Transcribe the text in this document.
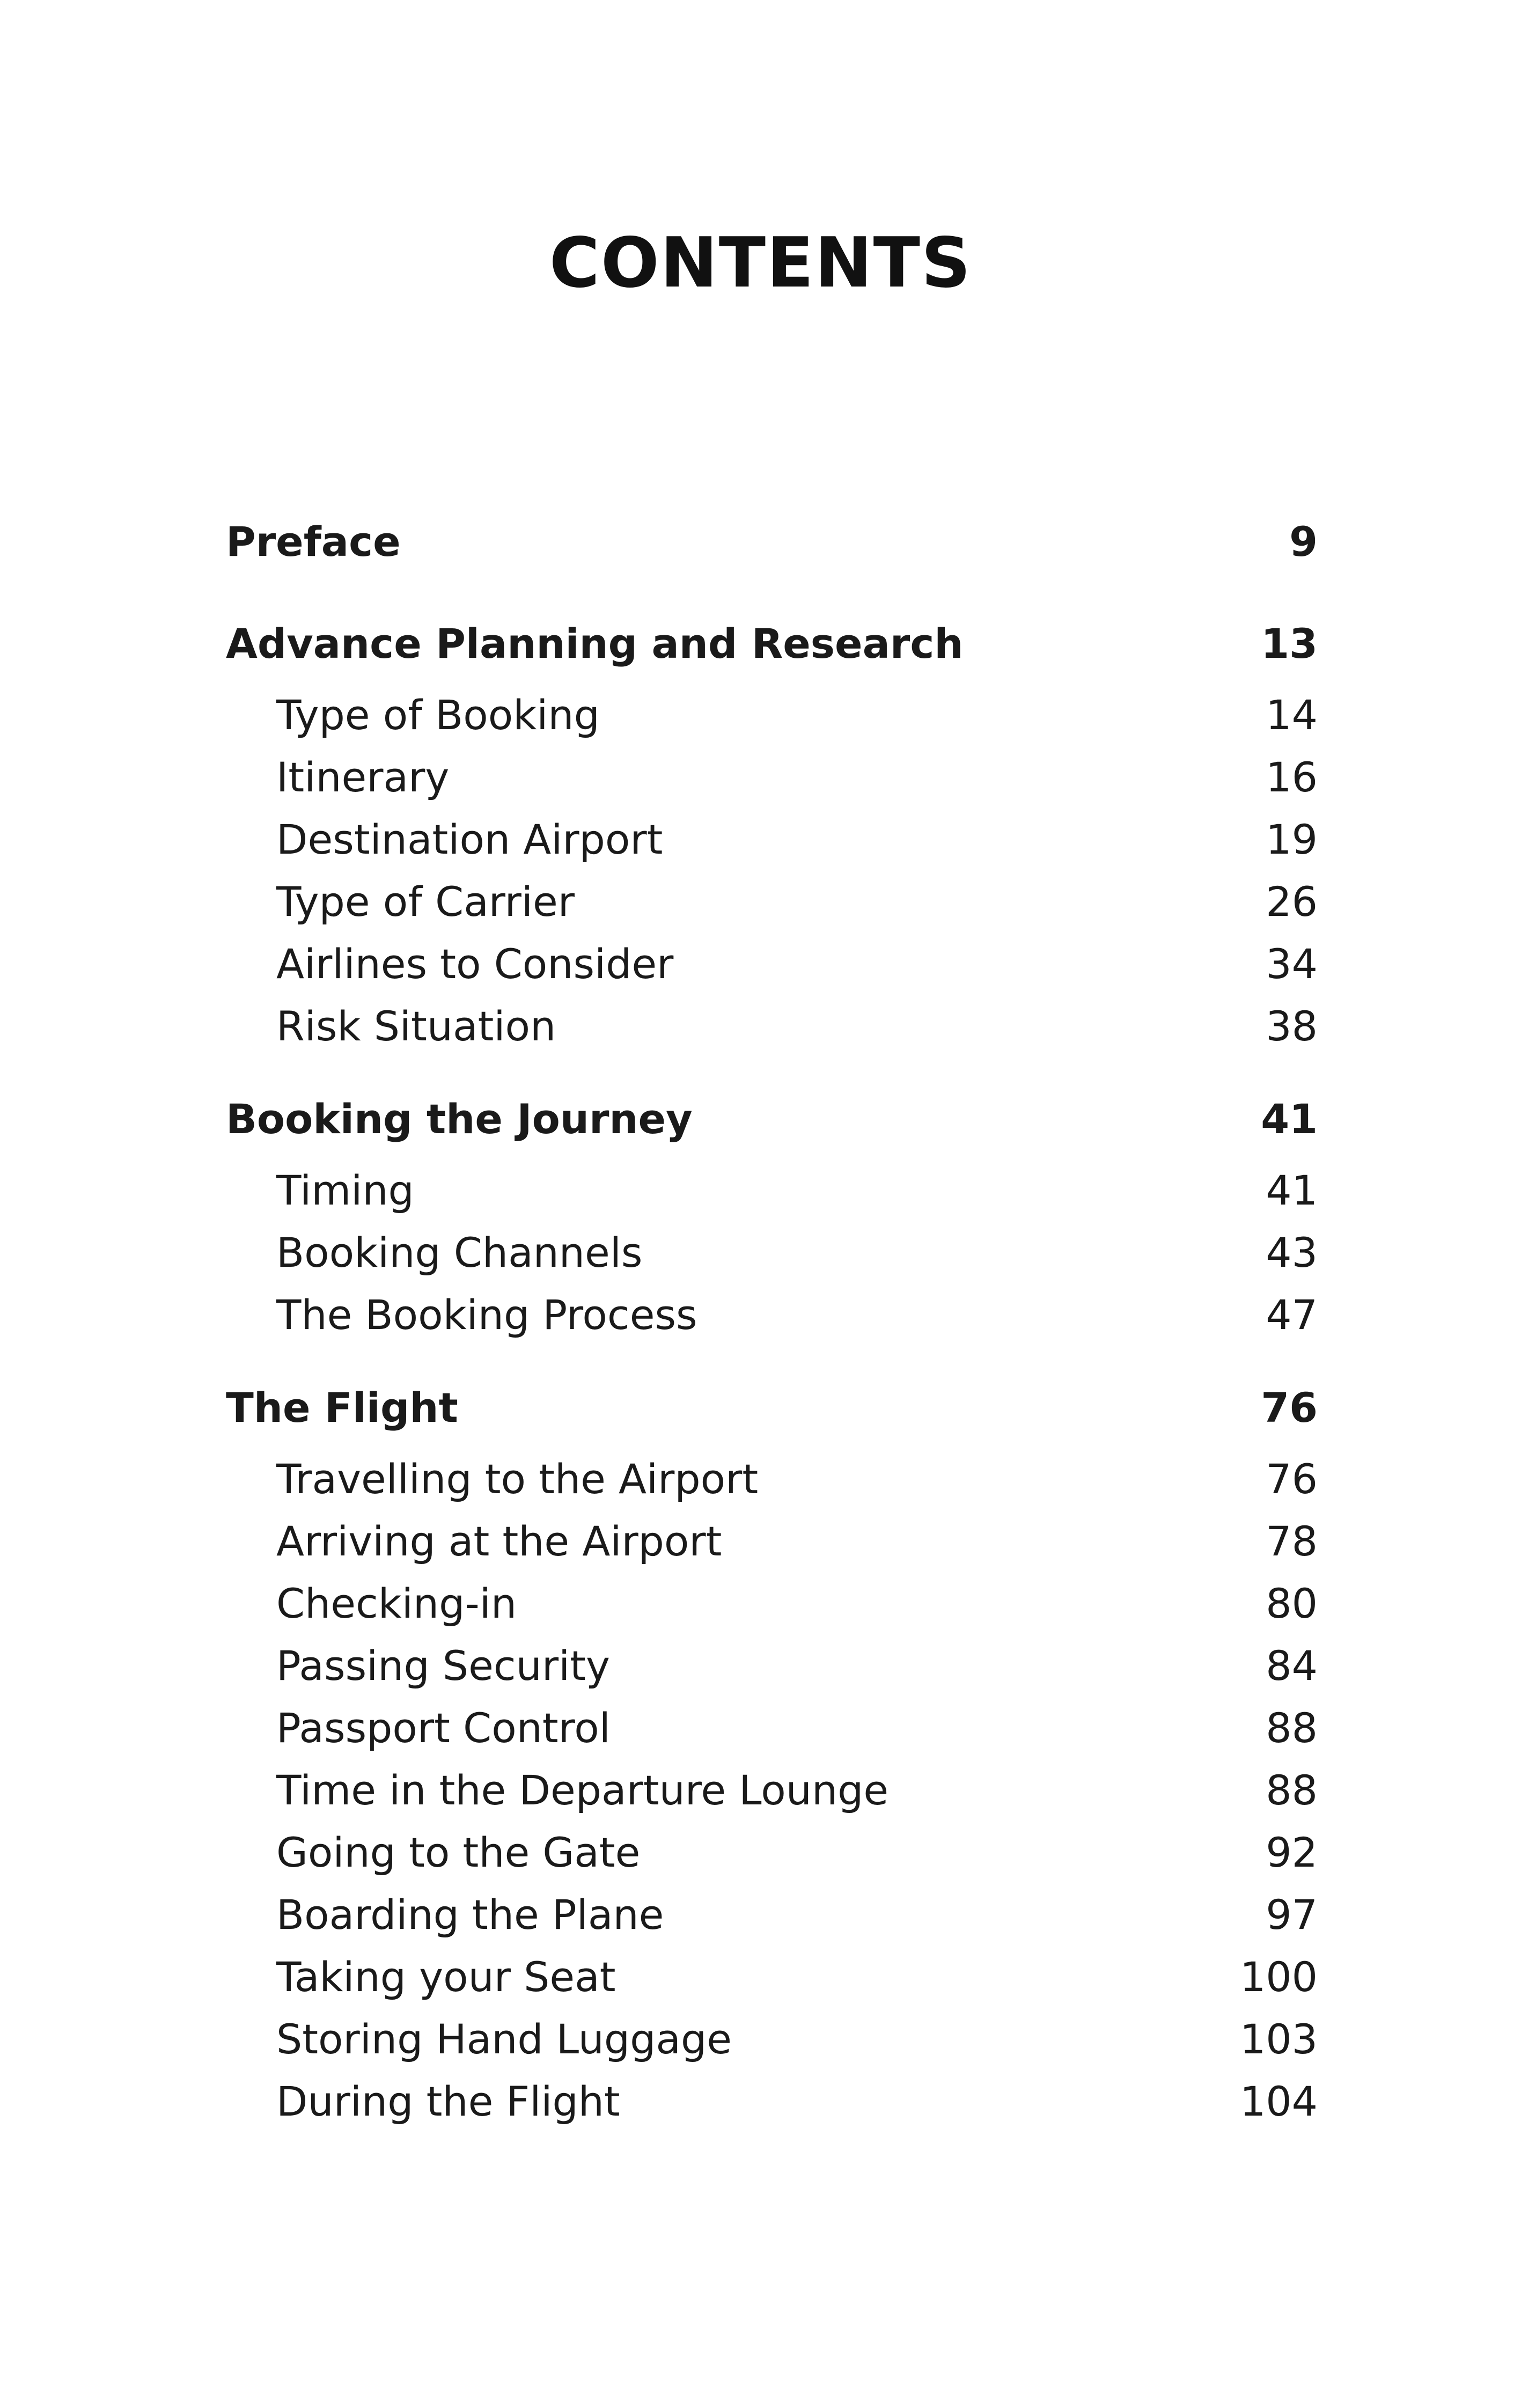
CONTENTS
Preface	9
Advance Planning and Research	13
Type of Booking	14
Itinerary	16
Destination Airport	19
Type of Carrier	26
Airlines to Consider	34
Risk Situation	38
Booking the Journey	41
Timing	41
Booking Channels	43
The Booking Process	47
The Flight	76
Travelling to the Airport	76
Arriving at the Airport	78
Checking-in	80
Passing Security	84
Passport Control	88
Time in the Departure Lounge	88
Going to the Gate	92
Boarding the Plane	97
Taking your Seat	100
Storing Hand Luggage	103
During the Flight	104
